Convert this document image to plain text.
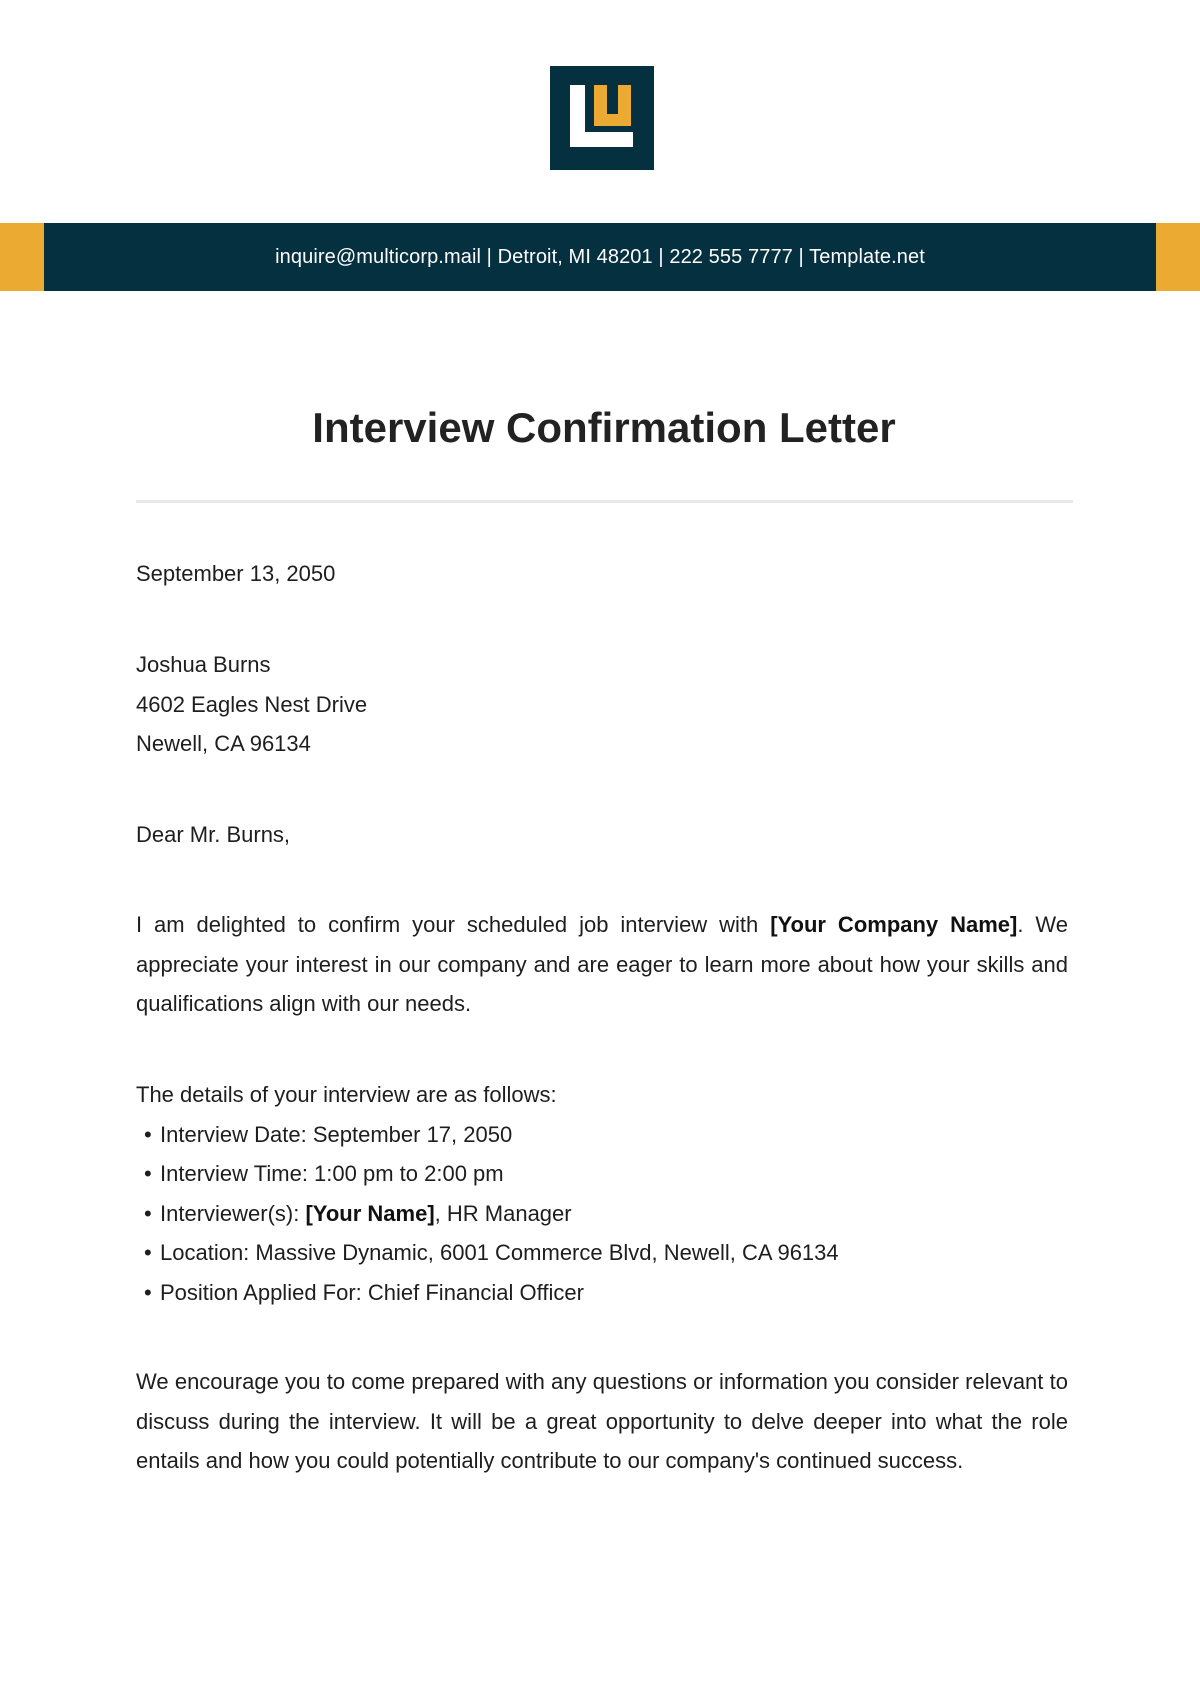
inquire@multicorp.mail | Detroit, MI 48201 | 222 555 7777 | Template.net
Interview Confirmation Letter

September 13, 2050

Joshua Burns

4602 Eagles Nest Drive

Newell, CA 96134

Dear Mr. Burns,

I am delighted to confirm your scheduled job interview with [Your Company Name]. We appreciate your interest in our company and are eager to learn more about how your skills and qualifications align with our needs.

The details of your interview are as follows:

• Interview Date: September 17, 2050
• Interview Time: 1:00 pm to 2:00 pm
• Interviewer(s): [Your Name], HR Manager
• Location: Massive Dynamic, 6001 Commerce Blvd, Newell, CA 96134
• Position Applied For: Chief Financial Officer

We encourage you to come prepared with any questions or information you consider relevant to discuss during the interview. It will be a great opportunity to delve deeper into what the role entails and how you could potentially contribute to our company's continued success.
